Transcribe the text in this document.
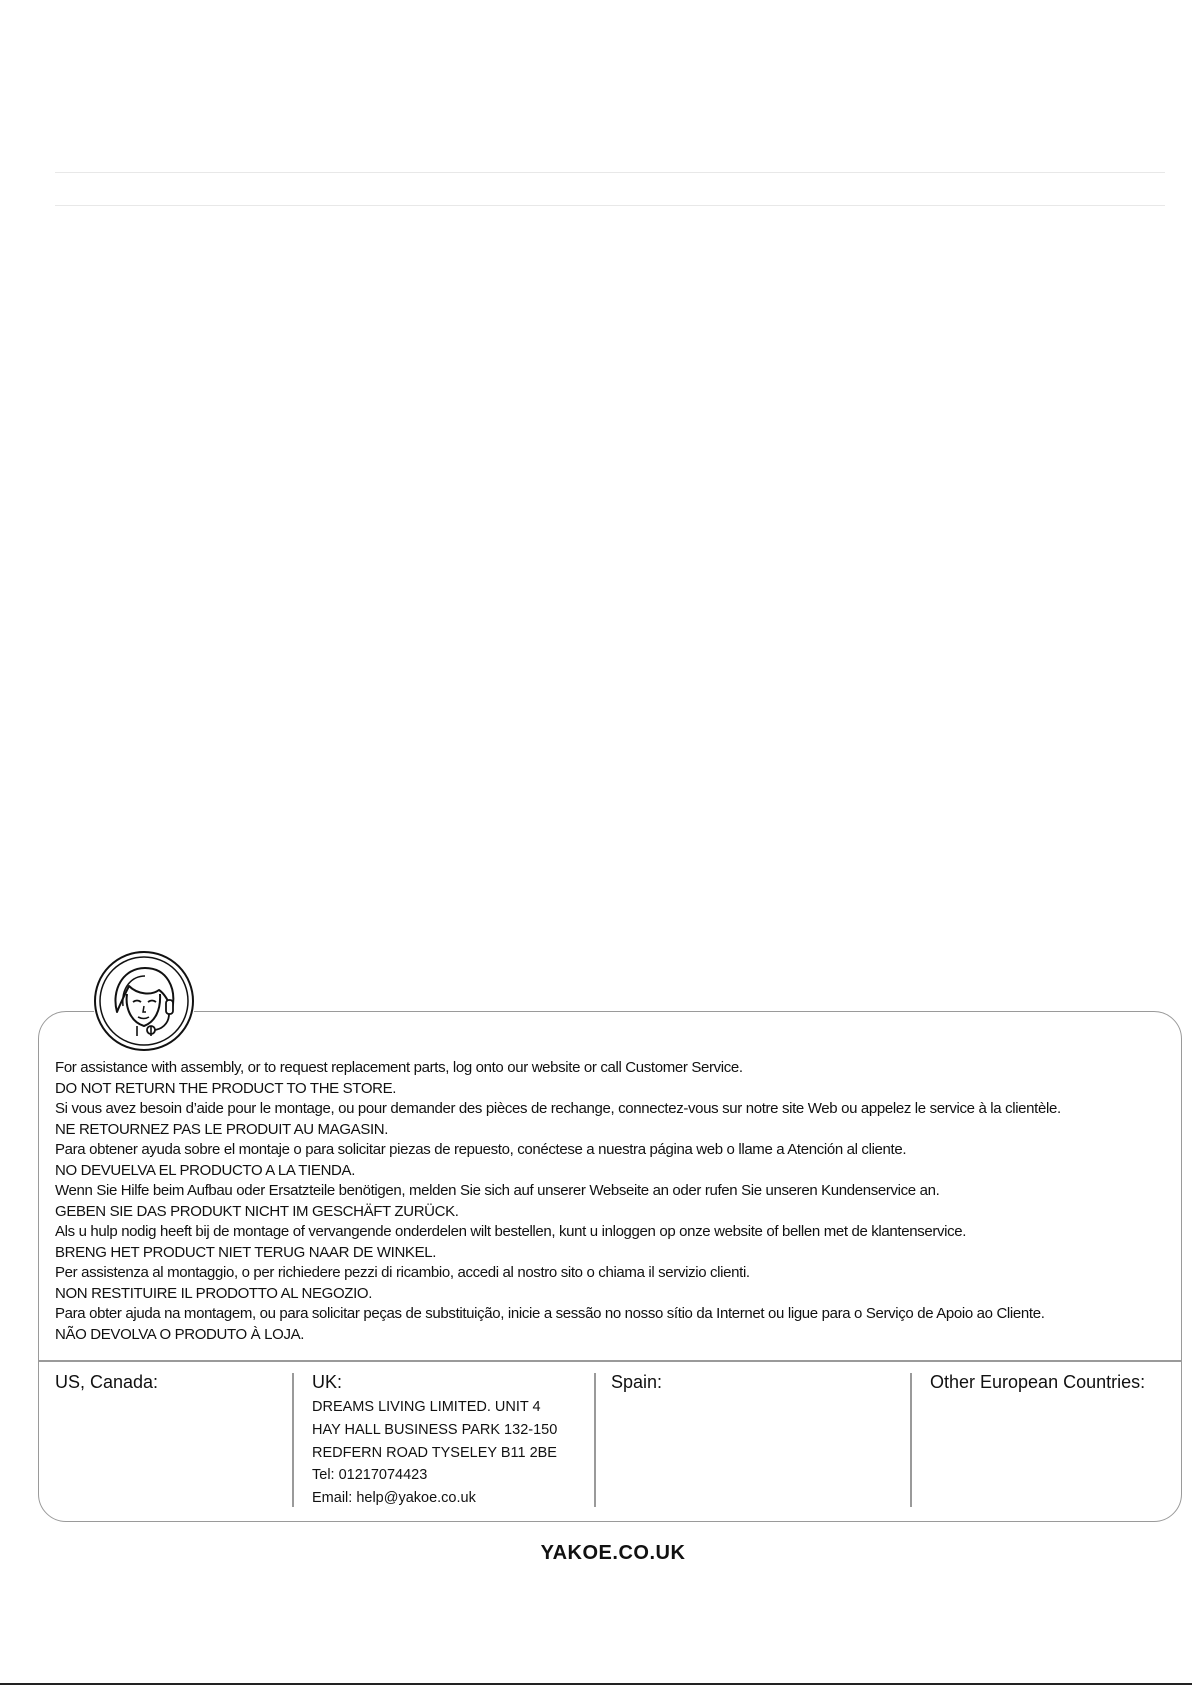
For assistance with assembly, or to request replacement parts, log onto our website or call Customer Service.
DO NOT RETURN THE PRODUCT TO THE STORE.
Si vous avez besoin d’aide pour le montage, ou pour demander des pièces de rechange, connectez-vous sur notre site Web ou appelez le service à la clientèle.
NE RETOURNEZ PAS LE PRODUIT AU MAGASIN.
Para obtener ayuda sobre el montaje o para solicitar piezas de repuesto, conéctese a nuestra página web o llame a Atención al cliente.
NO DEVUELVA EL PRODUCTO A LA TIENDA.
Wenn Sie Hilfe beim Aufbau oder Ersatzteile benötigen, melden Sie sich auf unserer Webseite an oder rufen Sie unseren Kundenservice an.
GEBEN SIE DAS PRODUKT NICHT IM GESCHÄFT ZURÜCK.
Als u hulp nodig heeft bij de montage of vervangende onderdelen wilt bestellen, kunt u inloggen op onze website of bellen met de klantenservice.
BRENG HET PRODUCT NIET TERUG NAAR DE WINKEL.
Per assistenza al montaggio, o per richiedere pezzi di ricambio, accedi al nostro sito o chiama il servizio clienti.
NON RESTITUIRE IL PRODOTTO AL NEGOZIO.
Para obter ajuda na montagem, ou para solicitar peças de substituição, inicie a sessão no nosso sítio da Internet ou ligue para o Serviço de Apoio ao Cliente.
NÃO DEVOLVA O PRODUTO À LOJA.
US, Canada:	UK:
DREAMS LIVING LIMITED. UNIT 4
HAY HALL BUSINESS PARK 132-150
REDFERN ROAD TYSELEY B11 2BE
Tel: 01217074423
Email: help@yakoe.co.uk
Spain:	Other European Countries:
YAKOE.CO.UK
